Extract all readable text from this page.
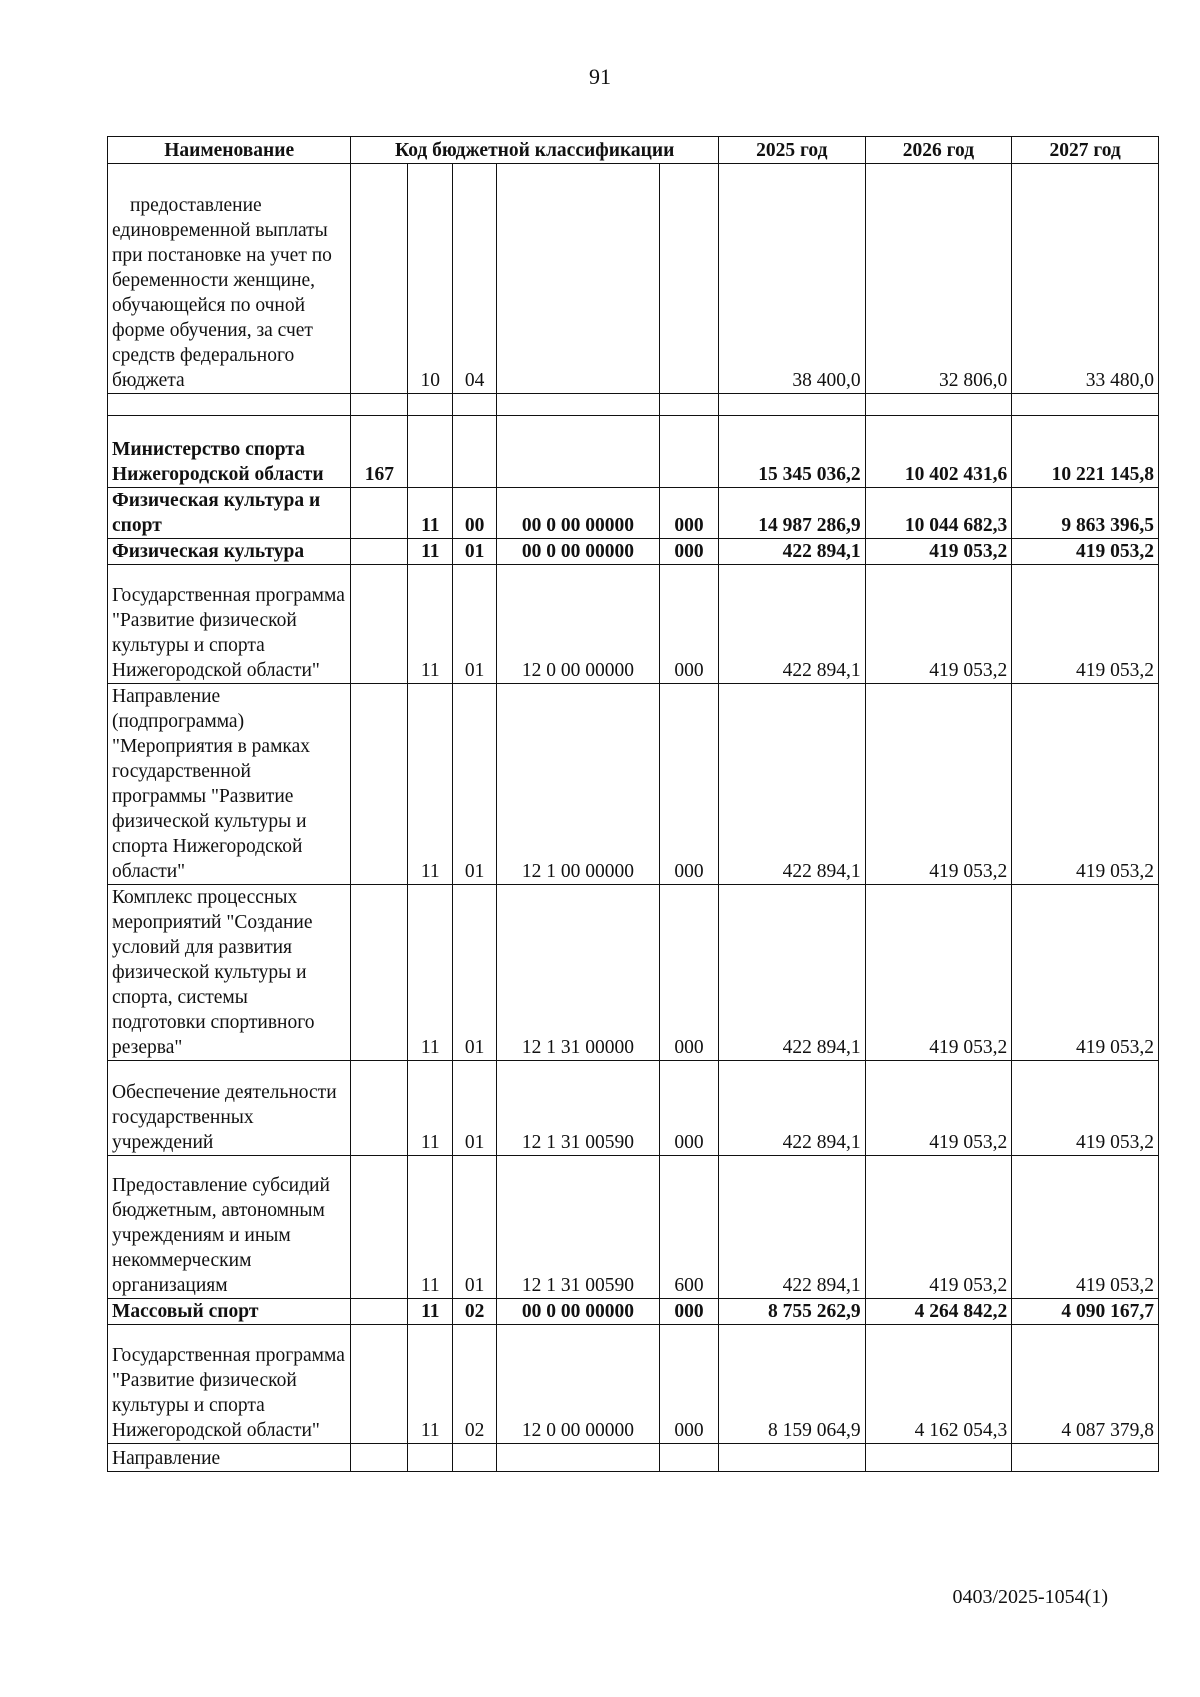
91
Наименование	Код бюджетной классификации					2025 год	2026 год	2027 год
предоставление единовременной выплаты при постановке на учет по беременности женщине, обучающейся по очной форме обучения, за счет средств федерального бюджета		10	04			38 400,0	32 806,0	33 480,0

Министерство спорта Нижегородской области	167					15 345 036,2	10 402 431,6	10 221 145,8
Физическая культура и спорт		11	00	00 0 00 00000	000	14 987 286,9	10 044 682,3	9 863 396,5
Физическая культура		11	01	00 0 00 00000	000	422 894,1	419 053,2	419 053,2
Государственная программа "Развитие физической культуры и спорта Нижегородской области"		11	01	12 0 00 00000	000	422 894,1	419 053,2	419 053,2
Направление (подпрограмма) "Мероприятия в рамках государственной программы "Развитие физической культуры и спорта Нижегородской области"		11	01	12 1 00 00000	000	422 894,1	419 053,2	419 053,2
Комплекс процессных мероприятий "Создание условий для развития физической культуры и спорта, системы подготовки спортивного резерва"		11	01	12 1 31 00000	000	422 894,1	419 053,2	419 053,2
Обеспечение деятельности государственных учреждений		11	01	12 1 31 00590	000	422 894,1	419 053,2	419 053,2
Предоставление субсидий бюджетным, автономным учреждениям и иным некоммерческим организациям		11	01	12 1 31 00590	600	422 894,1	419 053,2	419 053,2
Массовый спорт		11	02	00 0 00 00000	000	8 755 262,9	4 264 842,2	4 090 167,7
Государственная программа "Развитие физической культуры и спорта Нижегородской области"		11	02	12 0 00 00000	000	8 159 064,9	4 162 054,3	4 087 379,8
Направление								
0403/2025-1054(1)
